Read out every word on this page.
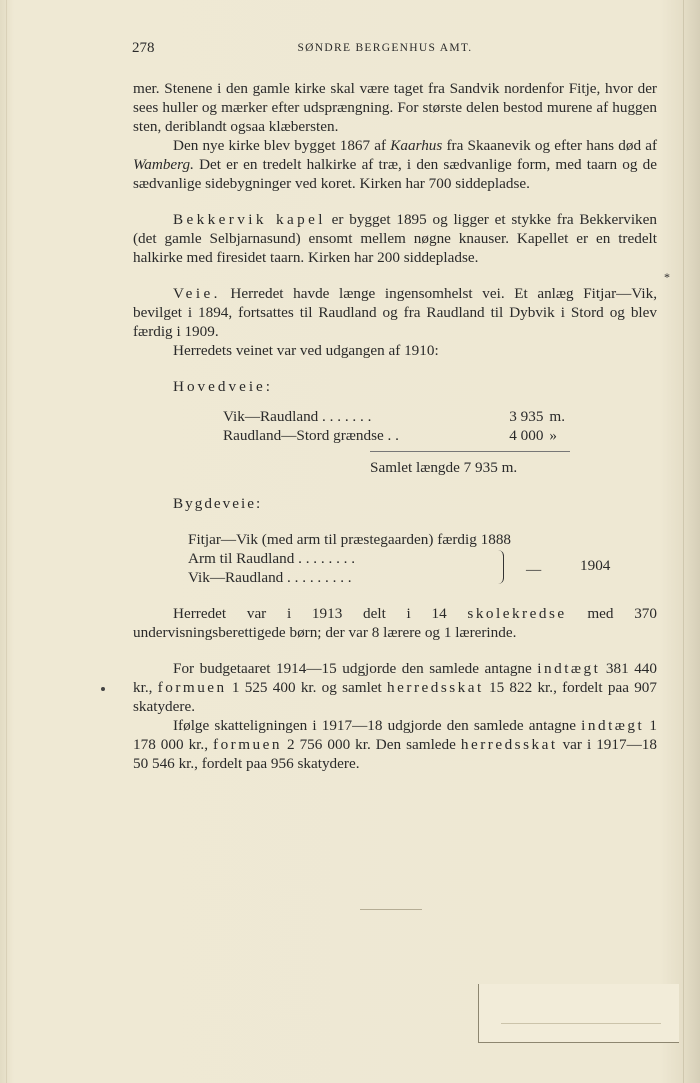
278	SØNDRE BERGENHUS AMT.

mer. Stenene i den gamle kirke skal være taget fra Sandvik nordenfor Fitje, hvor der sees huller og mærker efter udsprængning. For største delen bestod murene af huggen sten, deriblandt ogsaa klæbersten.

Den nye kirke blev bygget 1867 af Kaarhus fra Skaanevik og efter hans død af Wamberg. Det er en tredelt halkirke af træ, i den sædvanlige form, med taarn og de sædvanlige sidebygninger ved koret. Kirken har 700 siddepladse.

Bekkervik kapel er bygget 1895 og ligger et stykke fra Bekkerviken (det gamle Selbjarnasund) ensomt mellem nøgne knauser. Kapellet er en tredelt halkirke med firesidet taarn. Kirken har 200 siddepladse.

Veie. Herredet havde længe ingensomhelst vei. Et anlæg Fitjar—Vik, bevilget i 1894, fortsattes til Raudland og fra Raudland til Dybvik i Stord og blev færdig i 1909.

Herredets veinet var ved udgangen af 1910:

Hovedveie:
Vik—Raudland . . . . . . .	3 935 m.
Raudland—Stord grændse . .	4 000 »
Samlet længde 7 935 m.
Bygdeveie:
Fitjar—Vik (med arm til præstegaarden) færdig 1888
Arm til Raudland . . . . . . . .
Vik—Raudland . . . . . . . . .	—	1904

Herredet var i 1913 delt i 14 skolekredse med 370 undervisningsberettigede børn; der var 8 lærere og 1 lærerinde.

For budgetaaret 1914—15 udgjorde den samlede antagne indtægt 381 440 kr., formuen 1 525 400 kr. og samlet herredsskat 15 822 kr., fordelt paa 907 skatydere.

Ifølge skatteligningen i 1917—18 udgjorde den samlede antagne indtægt 1 178 000 kr., formuen 2 756 000 kr. Den samlede herredsskat var i 1917—18 50 546 kr., fordelt paa 956 skatydere.

*
